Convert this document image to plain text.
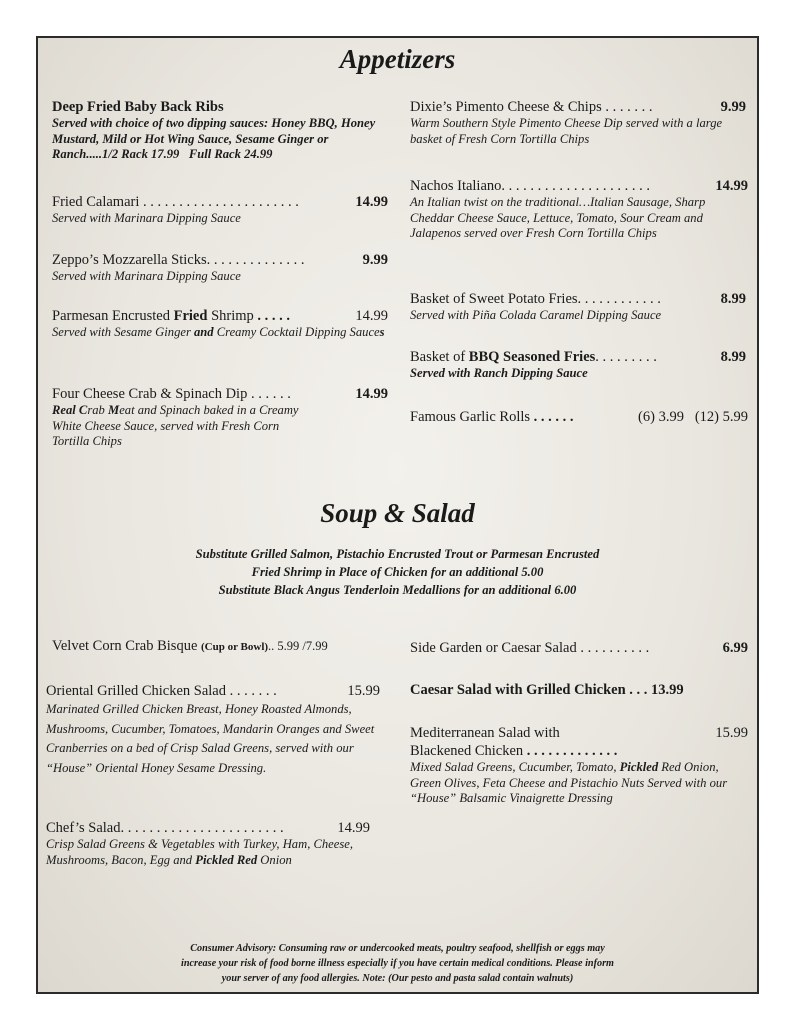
Appetizers
Deep Fried Baby Back Ribs
Served with choice of two dipping sauces: Honey BBQ, Honey Mustard, Mild or Hot Wing Sauce, Sesame Ginger or Ranch.....1/2 Rack 17.99 Full Rack 24.99
Fried Calamari . . . . . . . . . . . . . . . . . . . . . .	14.99
Served with Marinara Dipping Sauce
Zeppo’s Mozzarella Sticks. . . . . . . . . . . . . .	9.99
Served with Marinara Dipping Sauce
Parmesan Encrusted Fried Shrimp . . . . .	14.99
Served with Sesame Ginger and Creamy Cocktail Dipping Sauces
Four Cheese Crab & Spinach Dip . . . . . .	14.99
Real Crab Meat and Spinach baked in a Creamy White Cheese Sauce, served with Fresh Corn Tortilla Chips
Dixie’s Pimento Cheese & Chips . . . . . . .	9.99
Warm Southern Style Pimento Cheese Dip served with a large basket of Fresh Corn Tortilla Chips
Nachos Italiano. . . . . . . . . . . . . . . . . . . . .	14.99
An Italian twist on the traditional…Italian Sausage, Sharp Cheddar Cheese Sauce, Lettuce, Tomato, Sour Cream and Jalapenos served over Fresh Corn Tortilla Chips
Basket of Sweet Potato Fries. . . . . . . . . . . .	8.99
Served with Piña Colada Caramel Dipping Sauce
Basket of BBQ Seasoned Fries. . . . . . . . .	8.99
Served with Ranch Dipping Sauce
Famous Garlic Rolls . . . . . .	(6) 3.99   (12) 5.99
Soup & Salad
Substitute Grilled Salmon, Pistachio Encrusted Trout or Parmesan Encrusted
Fried Shrimp in Place of Chicken for an additional 5.00
Substitute Black Angus Tenderloin Medallions for an additional 6.00
Velvet Corn Crab Bisque (Cup or Bowl).. 5.99 /7.99
Oriental Grilled Chicken Salad . . . . . . .	15.99
Marinated Grilled Chicken Breast, Honey Roasted Almonds, Mushrooms, Cucumber, Tomatoes, Mandarin Oranges and Sweet Cranberries on a bed of Crisp Salad Greens, served with our “House” Oriental Honey Sesame Dressing.
Chef’s Salad. . . . . . . . . . . . . . . . . . . . . . .	14.99
Crisp Salad Greens & Vegetables with Turkey, Ham, Cheese, Mushrooms, Bacon, Egg and Pickled Red Onion
Side Garden or Caesar Salad . . . . . . . . . .	6.99
Caesar Salad with Grilled Chicken . . . 13.99
Mediterranean Salad with
Blackened Chicken . . . . . . . . . . . . .
15.99
Mixed Salad Greens, Cucumber, Tomato, Pickled Red Onion, Green Olives, Feta Cheese and Pistachio Nuts Served with our “House” Balsamic Vinaigrette Dressing
Consumer Advisory: Consuming raw or undercooked meats, poultry seafood, shellfish or eggs may
increase your risk of food borne illness especially if you have certain medical conditions. Please inform
your server of any food allergies. Note: (Our pesto and pasta salad contain walnuts)
